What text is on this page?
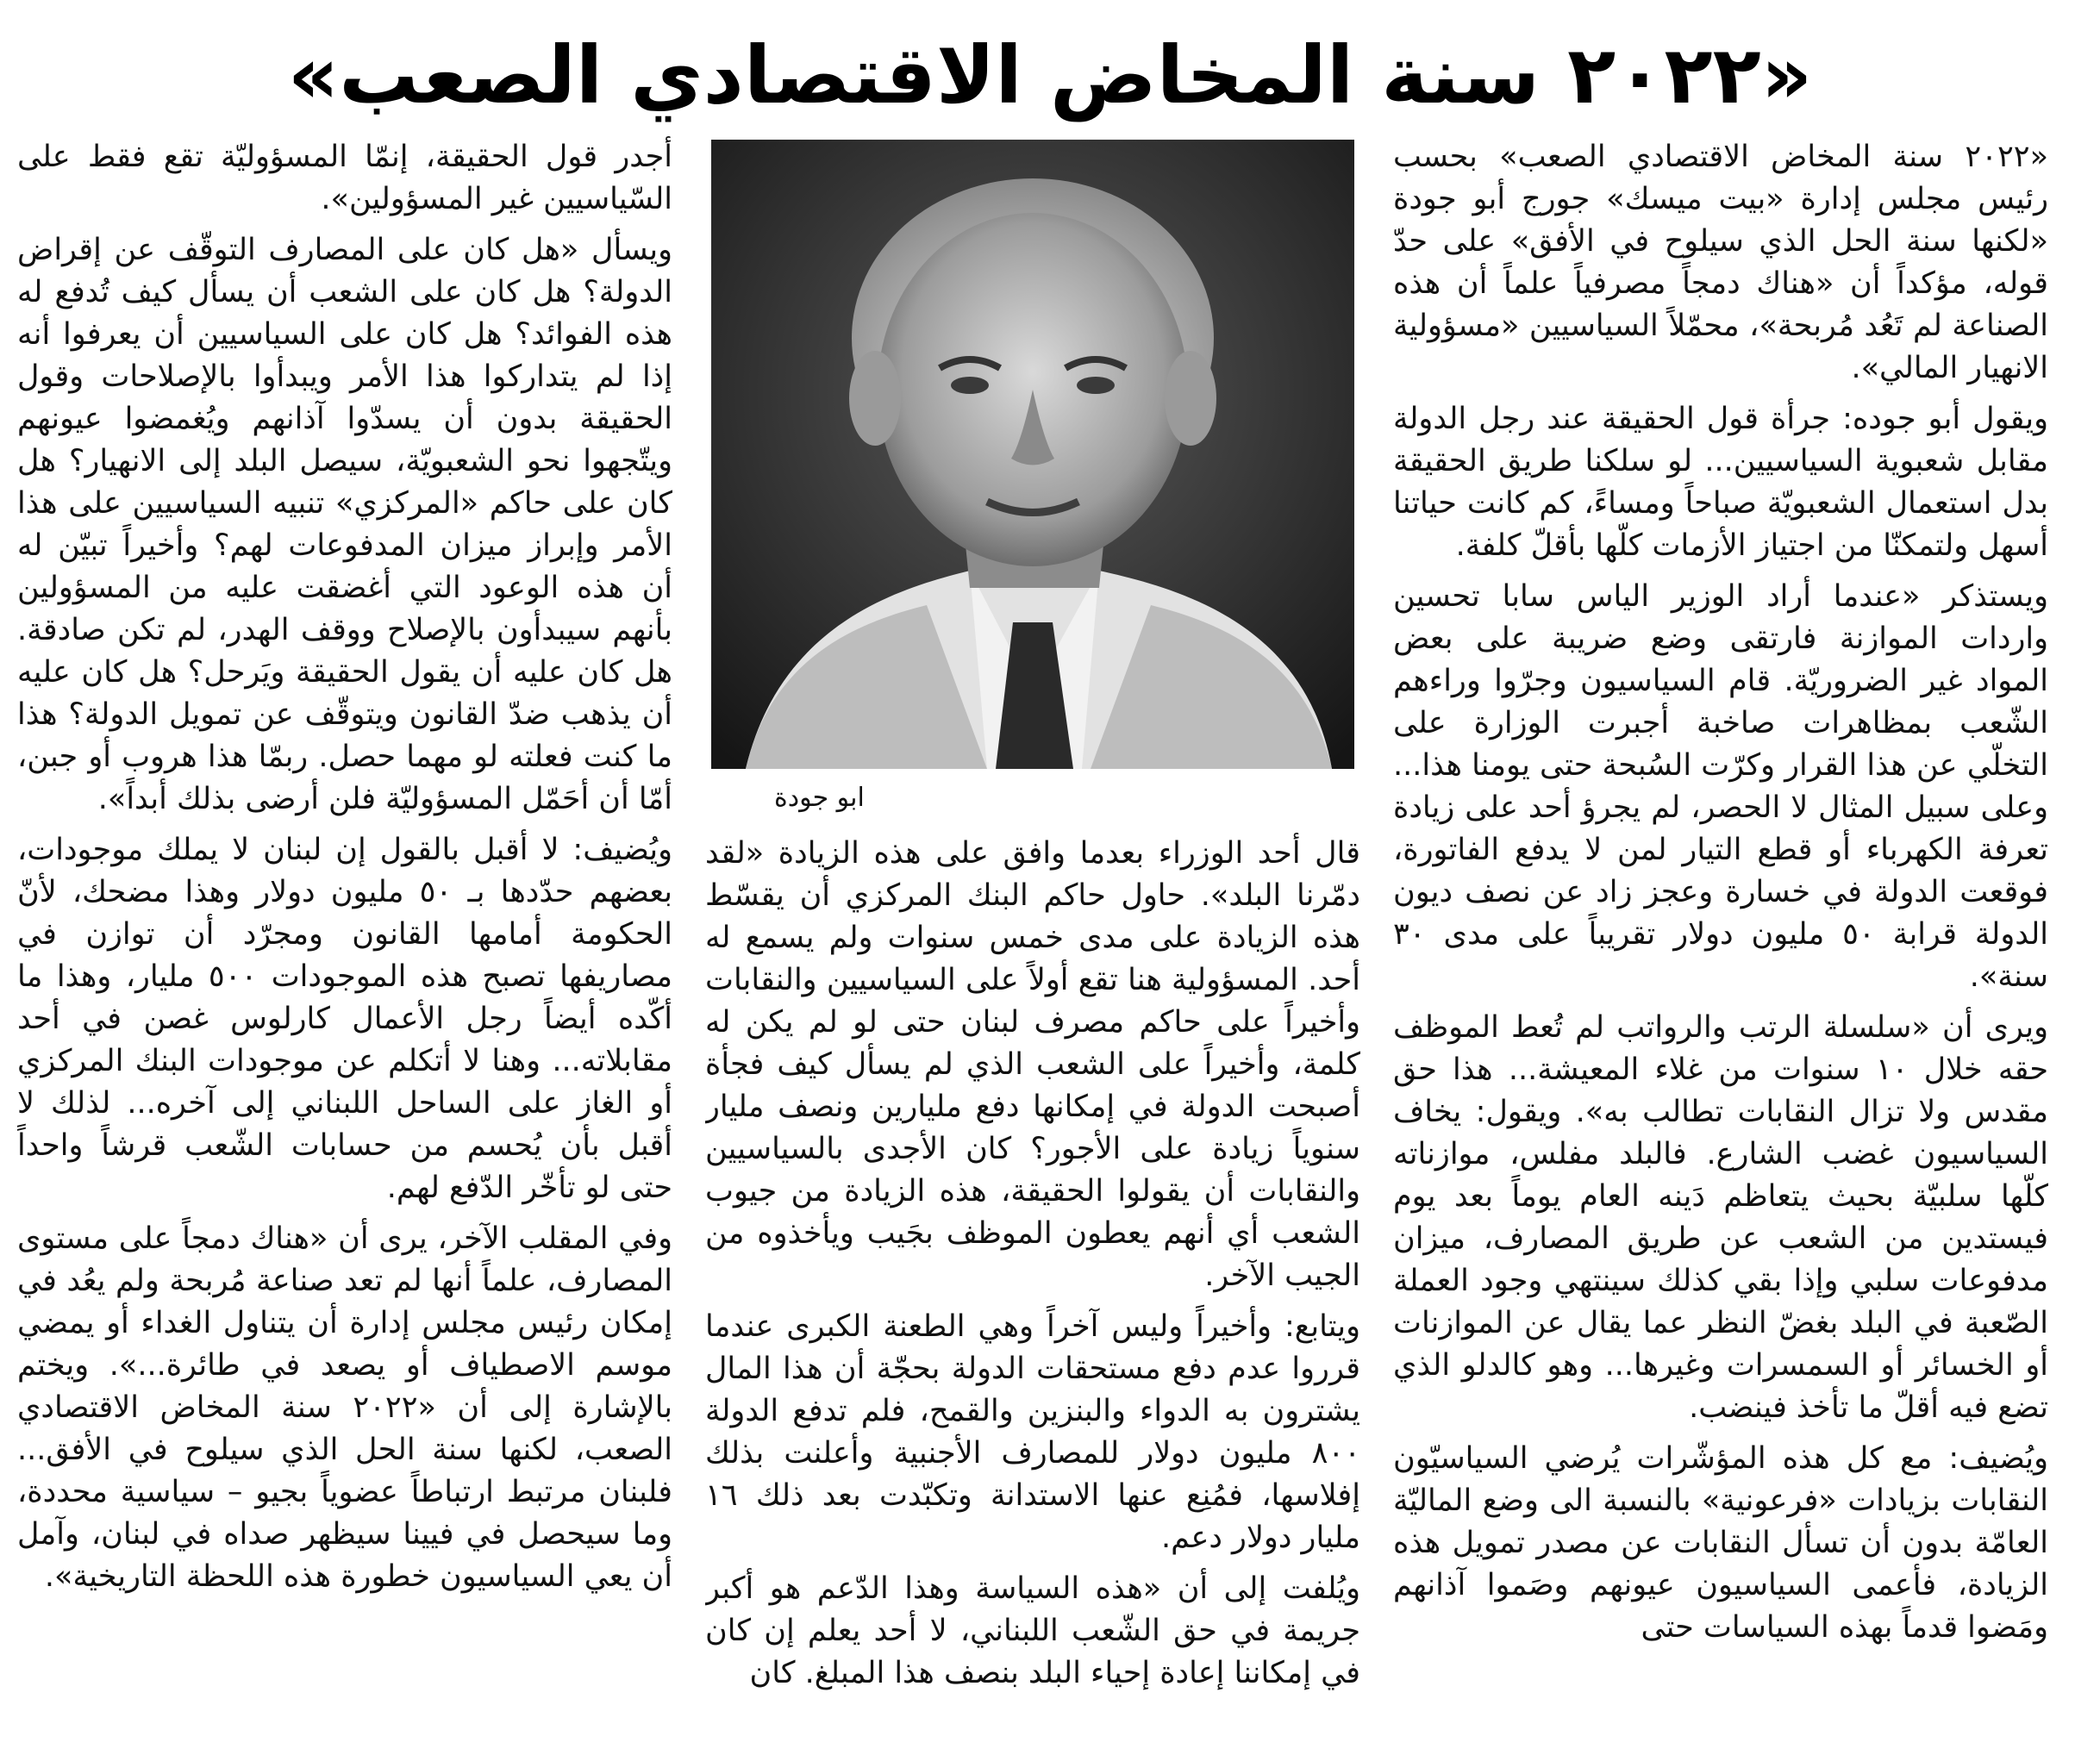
«٢٠٢٢ سنة المخاض الاقتصادي الصعب»

«٢٠٢٢ سنة المخاض الاقتصادي الصعب» بحسب رئيس مجلس إدارة «بيت ميسك» جورج أبو جودة «لكنها سنة الحل الذي سيلوح في الأفق» على حدّ قوله، مؤكداً أن «هناك دمجاً مصرفياً علماً أن هذه الصناعة لم تَعُد مُربحة»، محمّلاً السياسيين «مسؤولية الانهيار المالي».

ويقول أبو جوده: جرأة قول الحقيقة عند رجل الدولة مقابل شعبوية السياسيين... لو سلكنا طريق الحقيقة بدل استعمال الشعبويّة صباحاً ومساءً، كم كانت حياتنا أسهل ولتمكنّا من اجتياز الأزمات كلّها بأقلّ كلفة.

ويستذكر «عندما أراد الوزير الياس سابا تحسين واردات الموازنة فارتقى وضع ضريبة على بعض المواد غير الضروريّة. قام السياسيون وجرّوا وراءهم الشّعب بمظاهرات صاخبة أجبرت الوزارة على التخلّي عن هذا القرار وكرّت السُبحة حتى يومنا هذا... وعلى سبيل المثال لا الحصر، لم يجرؤ أحد على زيادة تعرفة الكهرباء أو قطع التيار لمن لا يدفع الفاتورة، فوقعت الدولة في خسارة وعجز زاد عن نصف ديون الدولة قرابة ٥٠ مليون دولار تقريباً على مدى ٣٠ سنة».

ويرى أن «سلسلة الرتب والرواتب لم تُعط الموظف حقه خلال ١٠ سنوات من غلاء المعيشة... هذا حق مقدس ولا تزال النقابات تطالب به». ويقول: يخاف السياسيون غضب الشارع. فالبلد مفلس، موازناته كلّها سلبيّة بحيث يتعاظم دَينه العام يوماً بعد يوم فيستدين من الشعب عن طريق المصارف، ميزان مدفوعات سلبي وإذا بقي كذلك سينتهي وجود العملة الصّعبة في البلد بغضّ النظر عما يقال عن الموازنات أو الخسائر أو السمسرات وغيرها... وهو كالدلو الذي تضع فيه أقلّ ما تأخذ فينضب.

ويُضيف: مع كل هذه المؤشّرات يُرضي السياسيّون النقابات بزيادات «فرعونية» بالنسبة الى وضع الماليّة العامّة بدون أن تسأل النقابات عن مصدر تمويل هذه الزيادة، فأعمى السياسيون عيونهم وصَموا آذانهم ومَضوا قدماً بهذه السياسات حتى

ابو جودة

قال أحد الوزراء بعدما وافق على هذه الزيادة «لقد دمّرنا البلد». حاول حاكم البنك المركزي أن يقسّط هذه الزيادة على مدى خمس سنوات ولم يسمع له أحد. المسؤولية هنا تقع أولاً على السياسيين والنقابات وأخيراً على حاكم مصرف لبنان حتى لو لم يكن له كلمة، وأخيراً على الشعب الذي لم يسأل كيف فجأة أصبحت الدولة في إمكانها دفع مليارين ونصف مليار سنوياً زيادة على الأجور؟ كان الأجدى بالسياسيين والنقابات أن يقولوا الحقيقة، هذه الزيادة من جيوب الشعب أي أنهم يعطون الموظف بجَيب ويأخذوه من الجيب الآخر.

ويتابع: وأخيراً وليس آخراً وهي الطعنة الكبرى عندما قرروا عدم دفع مستحقات الدولة بحجّة أن هذا المال يشترون به الدواء والبنزين والقمح، فلم تدفع الدولة ٨٠٠ مليون دولار للمصارف الأجنبية وأعلنت بذلك إفلاسها، فمُنِع عنها الاستدانة وتكبّدت بعد ذلك ١٦ مليار دولار دعم.

ويُلفت إلى أن «هذه السياسة وهذا الدّعم هو أكبر جريمة في حق الشّعب اللبناني، لا أحد يعلم إن كان في إمكاننا إعادة إحياء البلد بنصف هذا المبلغ. كان

أجدر قول الحقيقة، إنمّا المسؤوليّة تقع فقط على السّياسيين غير المسؤولين».

ويسأل «هل كان على المصارف التوقّف عن إقراض الدولة؟ هل كان على الشعب أن يسأل كيف تُدفع له هذه الفوائد؟ هل كان على السياسيين أن يعرفوا أنه إذا لم يتداركوا هذا الأمر ويبدأوا بالإصلاحات وقول الحقيقة بدون أن يسدّوا آذانهم ويُغمضوا عيونهم ويتّجهوا نحو الشعبويّة، سيصل البلد إلى الانهيار؟ هل كان على حاكم «المركزي» تنبيه السياسيين على هذا الأمر وإبراز ميزان المدفوعات لهم؟ وأخيراً تبيّن له أن هذه الوعود التي أغضقت عليه من المسؤولين بأنهم سيبدأون بالإصلاح ووقف الهدر، لم تكن صادقة. هل كان عليه أن يقول الحقيقة ويَرحل؟ هل كان عليه أن يذهب ضدّ القانون ويتوقّف عن تمويل الدولة؟ هذا ما كنت فعلته لو مهما حصل. ربمّا هذا هروب أو جبن، أمّا أن أحَمّل المسؤوليّة فلن أرضى بذلك أبداً».

ويُضيف: لا أقبل بالقول إن لبنان لا يملك موجودات، بعضهم حدّدها بـ ٥٠ مليون دولار وهذا مضحك، لأنّ الحكومة أمامها القانون ومجرّد أن توازن في مصاريفها تصبح هذه الموجودات ٥٠٠ مليار، وهذا ما أكّده أيضاً رجل الأعمال كارلوس غصن في أحد مقابلاته... وهنا لا أتكلم عن موجودات البنك المركزي أو الغاز على الساحل اللبناني إلى آخره... لذلك لا أقبل بأن يُحسم من حسابات الشّعب قرشاً واحداً حتى لو تأخّر الدّفع لهم.

وفي المقلب الآخر، يرى أن «هناك دمجاً على مستوى المصارف، علماً أنها لم تعد صناعة مُربحة ولم يعُد في إمكان رئيس مجلس إدارة أن يتناول الغداء أو يمضي موسم الاصطياف أو يصعد في طائرة...». ويختم بالإشارة إلى أن «٢٠٢٢ سنة المخاض الاقتصادي الصعب، لكنها سنة الحل الذي سيلوح في الأفق... فلبنان مرتبط ارتباطاً عضوياً بجيو – سياسية محددة، وما سيحصل في فيينا سيظهر صداه في لبنان، وآمل أن يعي السياسيون خطورة هذه اللحظة التاريخية».
